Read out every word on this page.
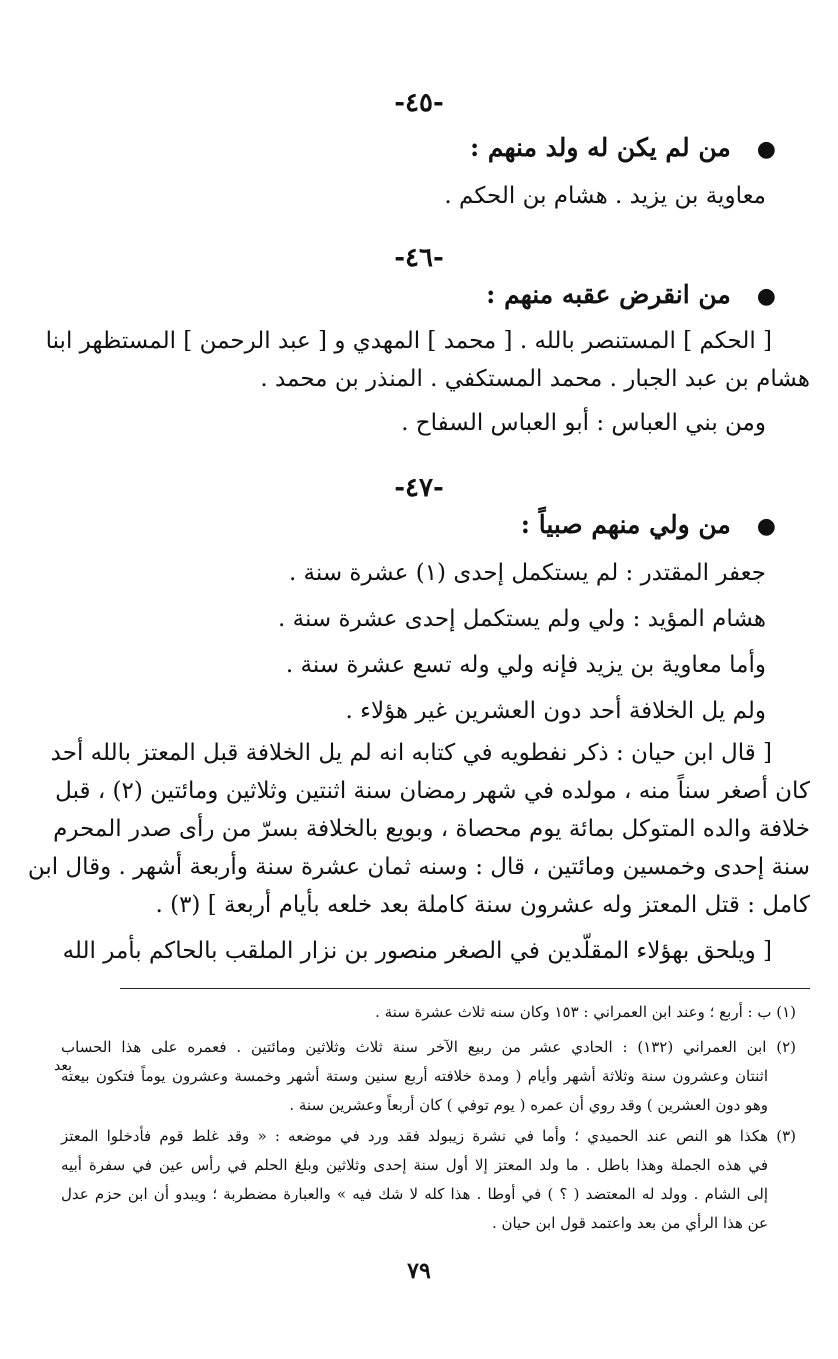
-٤٥-
●من لم يكن له ولد منهم :
معاوية بن يزيد . هشام بن الحكم .
-٤٦-
●من انقرض عقبه منهم :
[ الحكم ] المستنصر بالله . [ محمد ] المهدي و [ عبد الرحمن ] المستظهر ابنا
هشام بن عبد الجبار . محمد المستكفي . المنذر بن محمد .
ومن بني العباس : أبو العباس السفاح .
-٤٧-
●من ولي منهم صبياً :
جعفر المقتدر : لم يستكمل إحدى (١) عشرة سنة .
هشام المؤيد : ولي ولم يستكمل إحدى عشرة سنة .
وأما معاوية بن يزيد فإنه ولي وله تسع عشرة سنة .
ولم يل الخلافة أحد دون العشرين غير هؤلاء .
[ قال ابن حيان : ذكر نفطويه في كتابه انه لم يل الخلافة قبل المعتز بالله أحد
كان أصغر سناً منه ، مولده في شهر رمضان سنة اثنتين وثلاثين ومائتين (٢) ، قبل
خلافة والده المتوكل بمائة يوم محصاة ، وبويع بالخلافة بسرّ من رأى صدر المحرم
سنة إحدى وخمسين ومائتين ، قال : وسنه ثمان عشرة سنة وأربعة أشهر . وقال ابن
كامل : قتل المعتز وله عشرون سنة كاملة بعد خلعه بأيام أربعة ] (٣) .
[ ويلحق بهؤلاء المقلّدين في الصغر منصور بن نزار الملقب بالحاكم بأمر الله
(١) ب : أربع ؛ وعند ابن العمراني : ١٥٣ وكان سنه ثلاث عشرة سنة .
(٢) ابن العمراني (١٣٢) : الحادي عشر من ربيع الآخر سنة ثلاث وثلاثين ومائتين . فعمره على هذا الحساب
اثنتان وعشرون سنة وثلاثة أشهر وأيام ( ومدة خلافته أربع سنين وستة أشهر وخمسة وعشرون يوماً فتكون بيعته
وهو دون العشرين ) وقد روي أن عمره ( يوم توفي ) كان أربعاً وعشرين سنة .
(٣) هكذا هو النص عند الحميدي ؛ وأما في نشرة زيبولد فقد ورد في موضعه : « وقد غلط قوم فأدخلوا المعتز
في هذه الجملة وهذا باطل . ما ولد المعتز إلا أول سنة إحدى وثلاثين وبلغ الحلم في رأس عين في سفرة أبيه
إلى الشام . وولد له المعتضد ( ؟ ) في أوطا . هذا كله لا شك فيه » والعبارة مضطربة ؛ ويبدو أن ابن حزم عدل
عن هذا الرأي من بعد واعتمد قول ابن حيان .
بعد
٧٩
